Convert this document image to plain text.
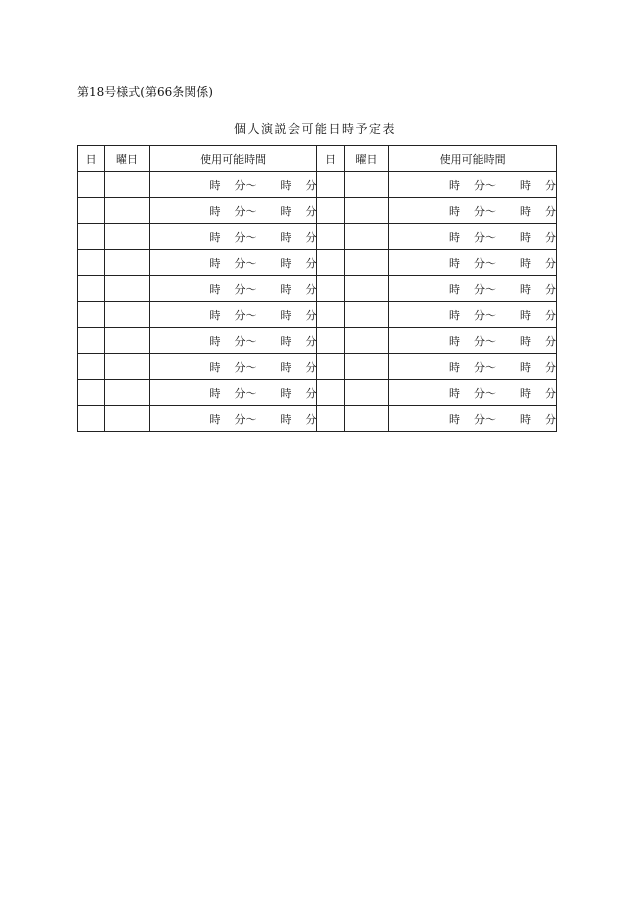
第18号様式(第66条関係)
個人演説会可能日時予定表
日	曜日	使用可能時間	日	曜日	使用可能時間
		時 分〜 時 分			時 分〜 時 分
		時 分〜 時 分			時 分〜 時 分
		時 分〜 時 分			時 分〜 時 分
		時 分〜 時 分			時 分〜 時 分
		時 分〜 時 分			時 分〜 時 分
		時 分〜 時 分			時 分〜 時 分
		時 分〜 時 分			時 分〜 時 分
		時 分〜 時 分			時 分〜 時 分
		時 分〜 時 分			時 分〜 時 分
		時 分〜 時 分			時 分〜 時 分
